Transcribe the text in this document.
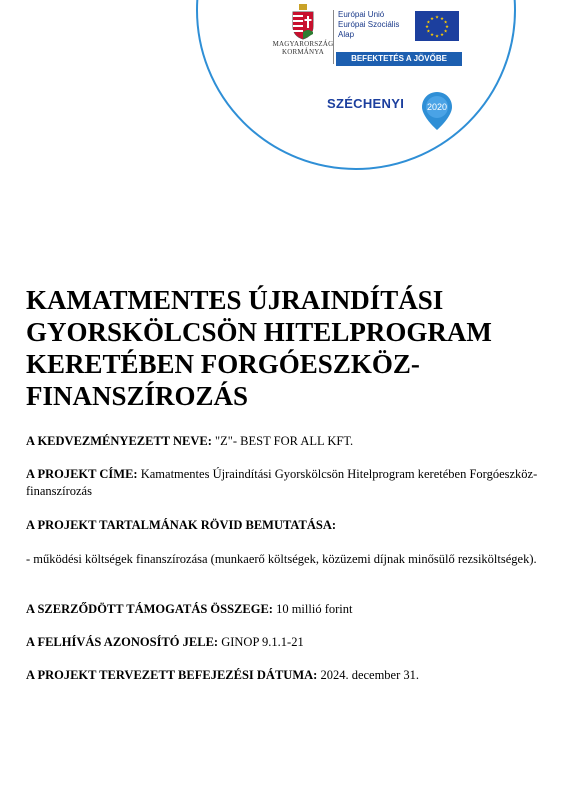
MAGYARORSZÁG
KORMÁNYA
Európai Unió
Európai Szociális
Alap
★ ★
★
★
★
★
★
★
★
★
★
★
BEFEKTETÉS A JÖVŐBE
SZÉCHENYI	2020
KAMATMENTES ÚJRAINDÍTÁSI GYORSKÖLCSÖN HITELPROGRAM KERETÉBEN FORGÓESZKÖZ-FINANSZÍROZÁS
A KEDVEZMÉNYEZETT NEVE: "Z"- BEST FOR ALL KFT.
A PROJEKT CÍME: Kamatmentes Újraindítási Gyorskölcsön Hitelprogram keretében Forgóeszköz-finanszírozás
A PROJEKT TARTALMÁNAK RÖVID BEMUTATÁSA:
- működési költségek finanszírozása (munkaerő költségek, közüzemi díjnak minősülő rezsiköltségek).
A SZERZŐDÖTT TÁMOGATÁS ÖSSZEGE: 10 millió forint
A FELHÍVÁS AZONOSÍTÓ JELE: GINOP 9.1.1-21
A PROJEKT TERVEZETT BEFEJEZÉSI DÁTUMA: 2024. december 31.
